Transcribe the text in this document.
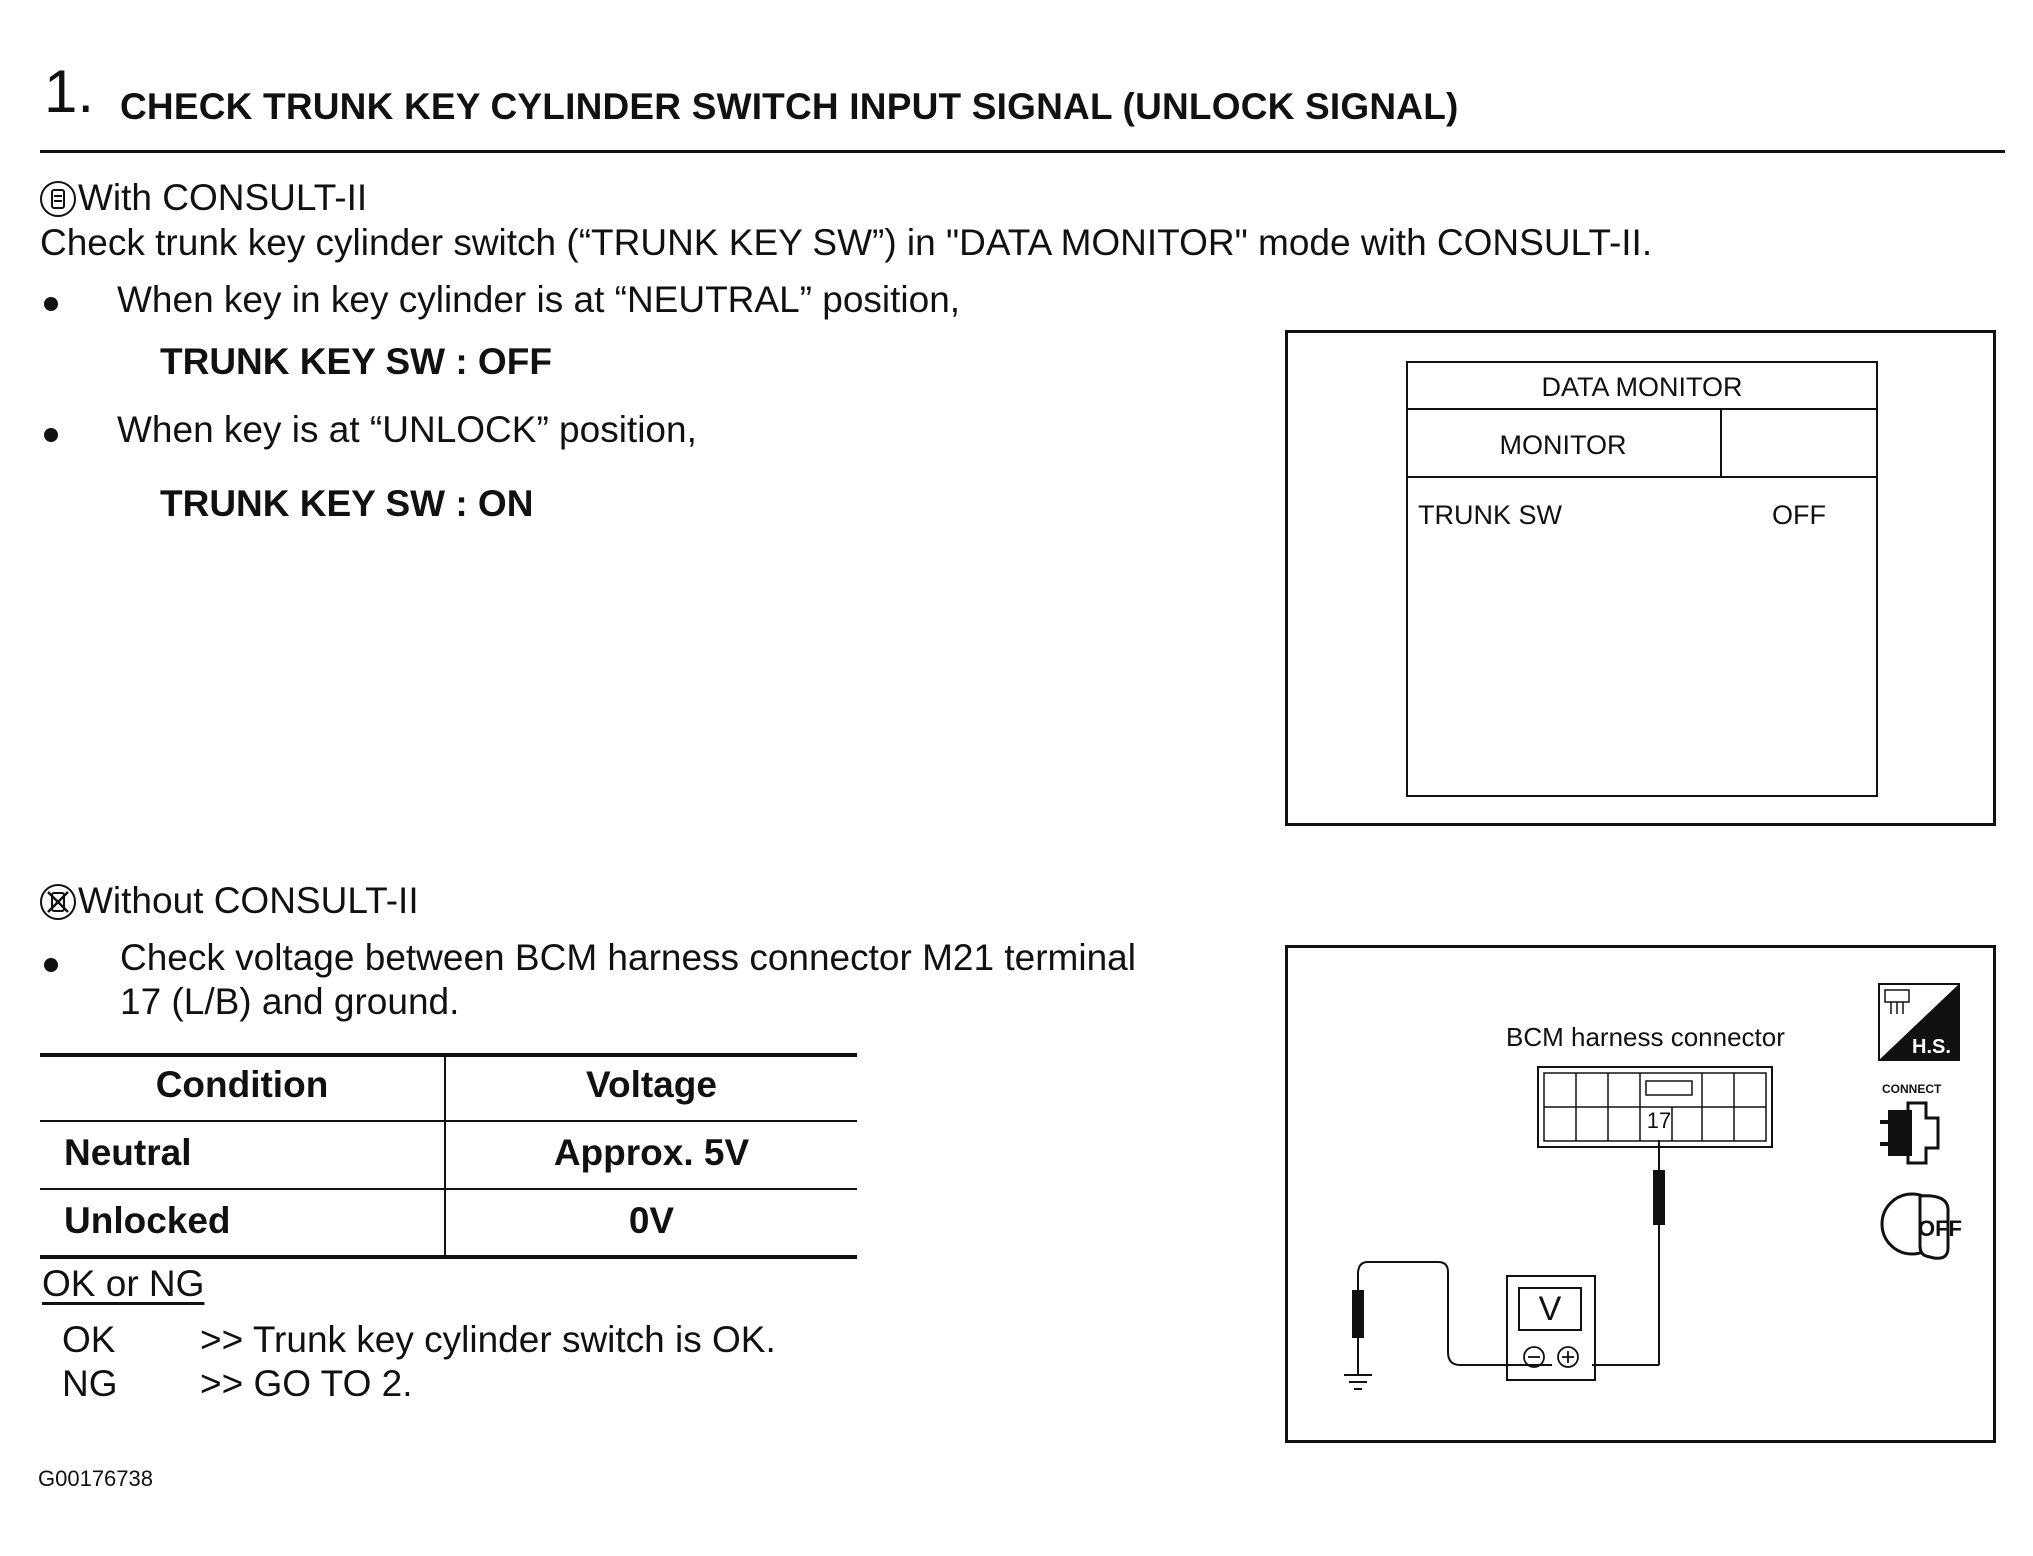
1. CHECK TRUNK KEY CYLINDER SWITCH INPUT SIGNAL (UNLOCK SIGNAL)
With CONSULT-II
Check trunk key cylinder switch (“TRUNK KEY SW”) in "DATA MONITOR" mode with CONSULT-II.
When key in key cylinder is at “NEUTRAL” position,
TRUNK KEY SW : OFF
When key is at “UNLOCK” position,
TRUNK KEY SW : ON
DATA MONITOR
MONITOR
TRUNK SW	OFF
Without CONSULT-II
Check voltage between BCM harness connector M21 terminal
17 (L/B) and ground.
Condition	Voltage
Neutral	Approx. 5V
Unlocked	0V
OK or NG
OK >> Trunk key cylinder switch is OK.
NG >> GO TO 2.
BCM harness connector
17
V
H.S.
CONNECT
OFF
G00176738
